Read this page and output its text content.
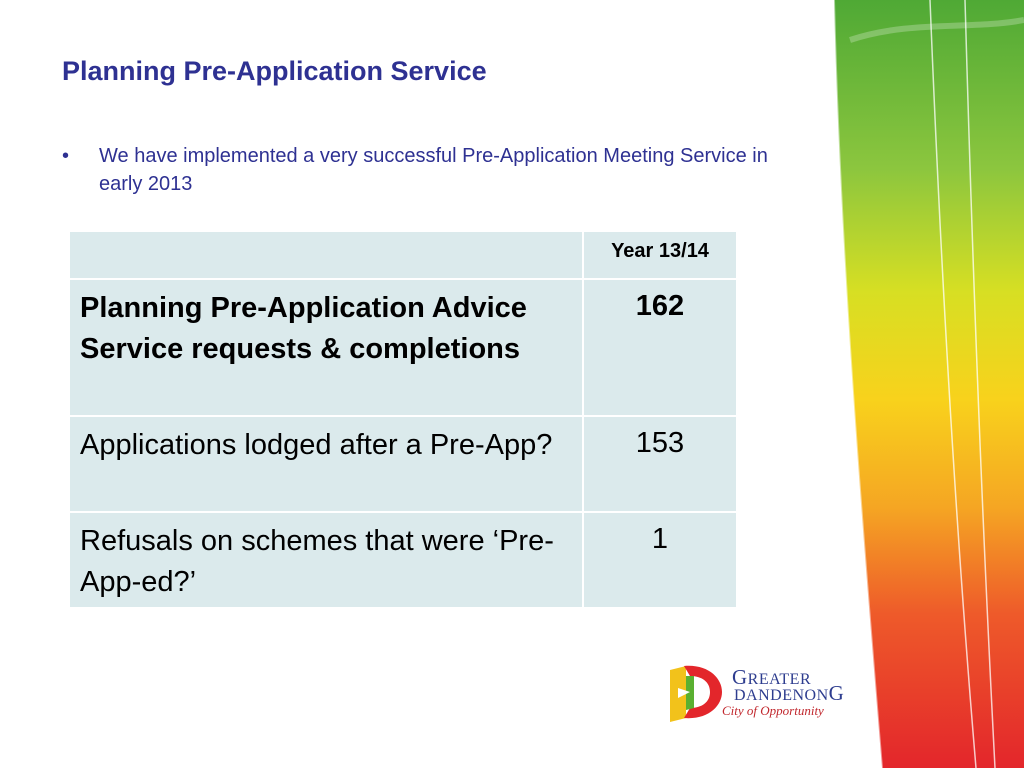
Planning Pre-Application Service
• We have implemented a very successful Pre-Application Meeting Service in early 2013
	Year 13/14
Planning Pre-Application Advice Service requests & completions	162
Applications lodged after a Pre-App?	153
Refusals on schemes that were ‘Pre-App-ed?’	1
GREATER
DANDENONG
City of Opportunity
